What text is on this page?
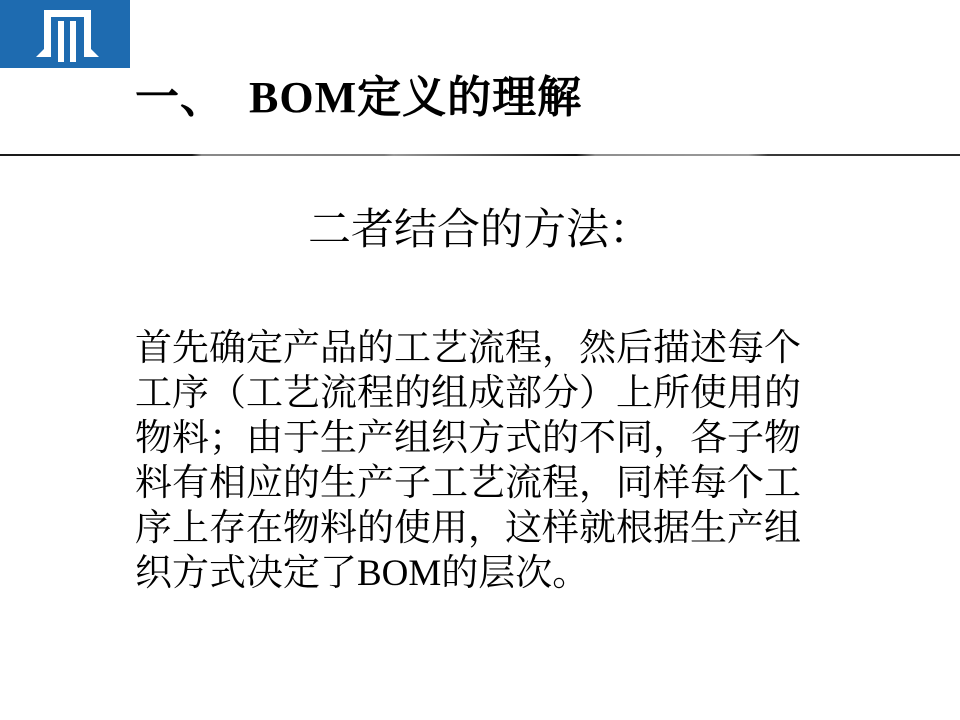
一、  BOM定义的理解
二者结合的方法：
首先确定产品的工艺流程，然后描述每个
工序（工艺流程的组成部分）上所使用的
物料；由于生产组织方式的不同，各子物
料有相应的生产子工艺流程，同样每个工
序上存在物料的使用，这样就根据生产组
织方式决定了BOM的层次。
